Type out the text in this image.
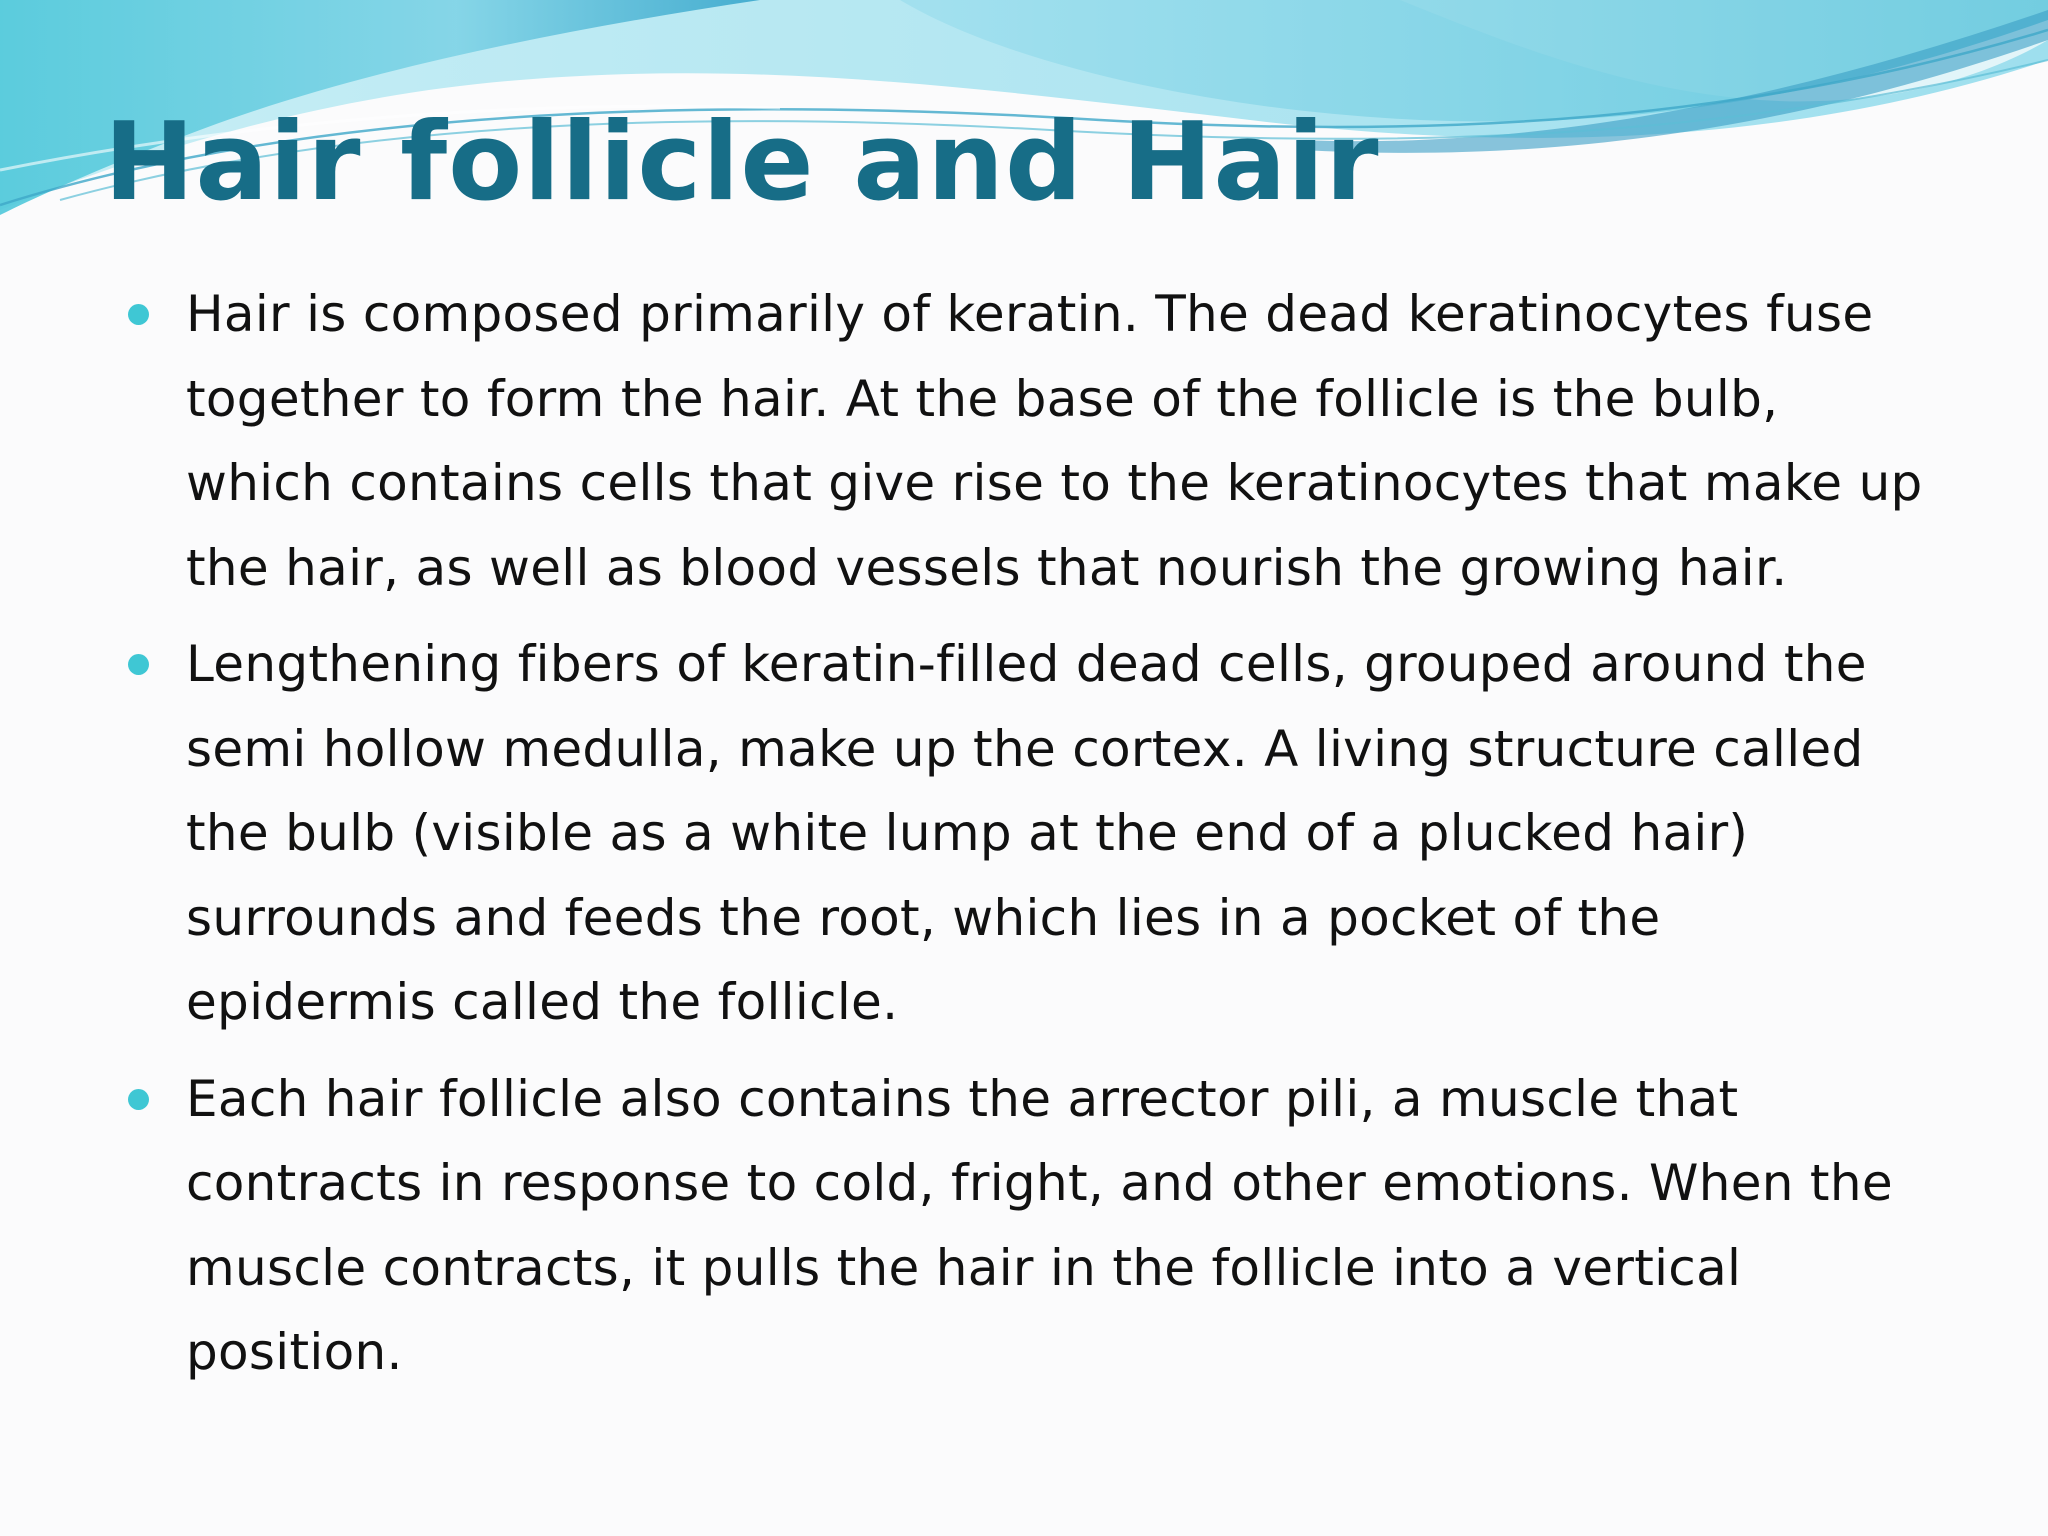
Hair follicle and Hair
Hair is composed primarily of keratin. The dead keratinocytes fuse together to form the hair. At the base of the follicle is the bulb, which contains cells that give rise to the keratinocytes that make up the hair, as well as blood vessels that nourish the growing hair.
Lengthening fibers of keratin-filled dead cells, grouped around the semi hollow medulla, make up the cortex. A living structure called the bulb (visible as a white lump at the end of a plucked hair) surrounds and feeds the root, which lies in a pocket of the epidermis called the follicle.
Each hair follicle also contains the arrector pili, a muscle that contracts in response to cold, fright, and other emotions. When the muscle contracts, it pulls the hair in the follicle into a vertical position.
